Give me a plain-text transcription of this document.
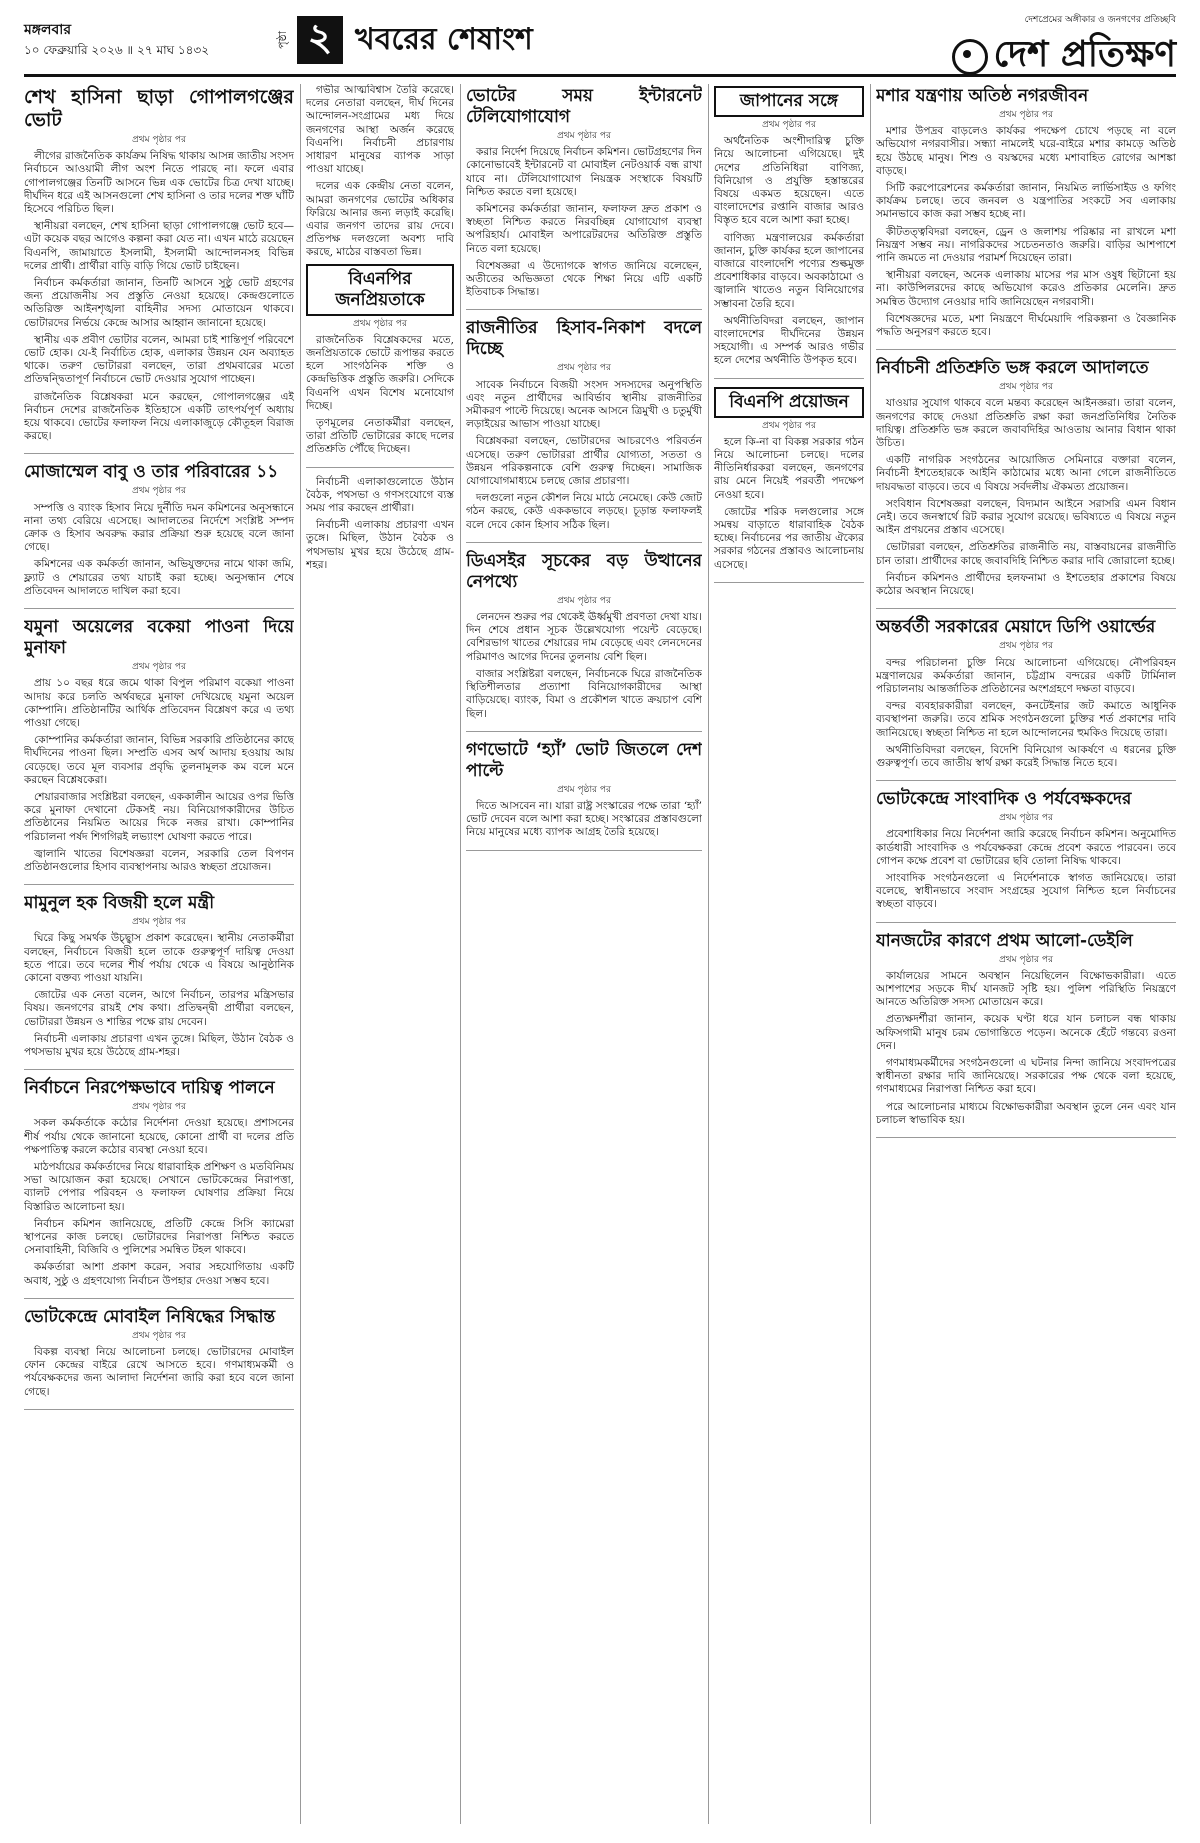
মঙ্গলবার
১০ ফেব্রুয়ারি ২০২৬ ॥ ২৭ মাঘ ১৪৩২
পৃষ্ঠা ২ খবরের শেষাংশ
দেশপ্রেমের অঙ্গীকার ও জনগণের প্রতিচ্ছবি
দেশ প্রতিক্ষণ
শেখ হাসিনা ছাড়া গোপালগঞ্জের ভোট
প্রথম পৃষ্ঠার পর

লীগের রাজনৈতিক কার্যক্রম নিষিদ্ধ থাকায় আসন্ন জাতীয় সংসদ নির্বাচনে আওয়ামী লীগ অংশ নিতে পারছে না। ফলে এবার গোপালগঞ্জের তিনটি আসনে ভিন্ন এক ভোটের চিত্র দেখা যাচ্ছে। দীর্ঘদিন ধরে এই আসনগুলো শেখ হাসিনা ও তার দলের শক্ত ঘাঁটি হিসেবে পরিচিত ছিল।

স্থানীয়রা বলছেন, শেখ হাসিনা ছাড়া গোপালগঞ্জে ভোট হবে—এটা কয়েক বছর আগেও কল্পনা করা যেত না। এখন মাঠে রয়েছেন বিএনপি, জামায়াতে ইসলামী, ইসলামী আন্দোলনসহ বিভিন্ন দলের প্রার্থী। প্রার্থীরা বাড়ি বাড়ি গিয়ে ভোট চাইছেন।

নির্বাচন কর্মকর্তারা জানান, তিনটি আসনে সুষ্ঠু ভোট গ্রহণের জন্য প্রয়োজনীয় সব প্রস্তুতি নেওয়া হয়েছে। কেন্দ্রগুলোতে অতিরিক্ত আইনশৃঙ্খলা বাহিনীর সদস্য মোতায়েন থাকবে। ভোটারদের নির্ভয়ে কেন্দ্রে আসার আহ্বান জানানো হয়েছে।

স্থানীয় এক প্রবীণ ভোটার বলেন, আমরা চাই শান্তিপূর্ণ পরিবেশে ভোট হোক। যে-ই নির্বাচিত হোক, এলাকার উন্নয়ন যেন অব্যাহত থাকে। তরুণ ভোটাররা বলছেন, তারা প্রথমবারের মতো প্রতিদ্বন্দ্বিতাপূর্ণ নির্বাচনে ভোট দেওয়ার সুযোগ পাচ্ছেন।

রাজনৈতিক বিশ্লেষকরা মনে করছেন, গোপালগঞ্জের এই নির্বাচন দেশের রাজনৈতিক ইতিহাসে একটি তাৎপর্যপূর্ণ অধ্যায় হয়ে থাকবে। ভোটের ফলাফল নিয়ে এলাকাজুড়ে কৌতূহল বিরাজ করছে।

মোজাম্মেল বাবু ও তার পরিবারের ১১
প্রথম পৃষ্ঠার পর

সম্পত্তি ও ব্যাংক হিসাব নিয়ে দুর্নীতি দমন কমিশনের অনুসন্ধানে নানা তথ্য বেরিয়ে এসেছে। আদালতের নির্দেশে সংশ্লিষ্ট সম্পদ ক্রোক ও হিসাব অবরুদ্ধ করার প্রক্রিয়া শুরু হয়েছে বলে জানা গেছে।

কমিশনের এক কর্মকর্তা জানান, অভিযুক্তদের নামে থাকা জমি, ফ্ল্যাট ও শেয়ারের তথ্য যাচাই করা হচ্ছে। অনুসন্ধান শেষে প্রতিবেদন আদালতে দাখিল করা হবে।

যমুনা অয়েলের বকেয়া পাওনা দিয়ে মুনাফা
প্রথম পৃষ্ঠার পর

প্রায় ১০ বছর ধরে জমে থাকা বিপুল পরিমাণ বকেয়া পাওনা আদায় করে চলতি অর্থবছরে মুনাফা দেখিয়েছে যমুনা অয়েল কোম্পানি। প্রতিষ্ঠানটির আর্থিক প্রতিবেদন বিশ্লেষণ করে এ তথ্য পাওয়া গেছে।

কোম্পানির কর্মকর্তারা জানান, বিভিন্ন সরকারি প্রতিষ্ঠানের কাছে দীর্ঘদিনের পাওনা ছিল। সম্প্রতি এসব অর্থ আদায় হওয়ায় আয় বেড়েছে। তবে মূল ব্যবসার প্রবৃদ্ধি তুলনামূলক কম বলে মনে করছেন বিশ্লেষকেরা।

শেয়ারবাজার সংশ্লিষ্টরা বলছেন, এককালীন আয়ের ওপর ভিত্তি করে মুনাফা দেখানো টেকসই নয়। বিনিয়োগকারীদের উচিত প্রতিষ্ঠানের নিয়মিত আয়ের দিকে নজর রাখা। কোম্পানির পরিচালনা পর্ষদ শিগগিরই লভ্যাংশ ঘোষণা করতে পারে।

জ্বালানি খাতের বিশেষজ্ঞরা বলেন, সরকারি তেল বিপণন প্রতিষ্ঠানগুলোর হিসাব ব্যবস্থাপনায় আরও স্বচ্ছতা প্রয়োজন।

মামুনুল হক বিজয়ী হলে মন্ত্রী
প্রথম পৃষ্ঠার পর

ঘিরে কিছু সমর্থক উচ্ছ্বাস প্রকাশ করেছেন। স্থানীয় নেতাকর্মীরা বলছেন, নির্বাচনে বিজয়ী হলে তাকে গুরুত্বপূর্ণ দায়িত্ব দেওয়া হতে পারে। তবে দলের শীর্ষ পর্যায় থেকে এ বিষয়ে আনুষ্ঠানিক কোনো বক্তব্য পাওয়া যায়নি।

জোটের এক নেতা বলেন, আগে নির্বাচন, তারপর মন্ত্রিসভার বিষয়। জনগণের রায়ই শেষ কথা। প্রতিদ্বন্দ্বী প্রার্থীরা বলছেন, ভোটাররা উন্নয়ন ও শান্তির পক্ষে রায় দেবেন।

নির্বাচনী এলাকায় প্রচারণা এখন তুঙ্গে। মিছিল, উঠান বৈঠক ও পথসভায় মুখর হয়ে উঠেছে গ্রাম-শহর।

নির্বাচনে নিরপেক্ষভাবে দায়িত্ব পালনে
প্রথম পৃষ্ঠার পর

সকল কর্মকর্তাকে কঠোর নির্দেশনা দেওয়া হয়েছে। প্রশাসনের শীর্ষ পর্যায় থেকে জানানো হয়েছে, কোনো প্রার্থী বা দলের প্রতি পক্ষপাতিত্ব করলে কঠোর ব্যবস্থা নেওয়া হবে।

মাঠপর্যায়ের কর্মকর্তাদের নিয়ে ধারাবাহিক প্রশিক্ষণ ও মতবিনিময় সভা আয়োজন করা হয়েছে। সেখানে ভোটকেন্দ্রের নিরাপত্তা, ব্যালট পেপার পরিবহন ও ফলাফল ঘোষণার প্রক্রিয়া নিয়ে বিস্তারিত আলোচনা হয়।

নির্বাচন কমিশন জানিয়েছে, প্রতিটি কেন্দ্রে সিসি ক্যামেরা স্থাপনের কাজ চলছে। ভোটারদের নিরাপত্তা নিশ্চিত করতে সেনাবাহিনী, বিজিবি ও পুলিশের সমন্বিত টহল থাকবে।

কর্মকর্তারা আশা প্রকাশ করেন, সবার সহযোগিতায় একটি অবাধ, সুষ্ঠু ও গ্রহণযোগ্য নির্বাচন উপহার দেওয়া সম্ভব হবে।

ভোটকেন্দ্রে মোবাইল নিষিদ্ধের সিদ্ধান্ত
প্রথম পৃষ্ঠার পর

বিকল্প ব্যবস্থা নিয়ে আলোচনা চলছে। ভোটারদের মোবাইল ফোন কেন্দ্রের বাইরে রেখে আসতে হবে। গণমাধ্যমকর্মী ও পর্যবেক্ষকদের জন্য আলাদা নির্দেশনা জারি করা হবে বলে জানা গেছে।

গভীর আত্মবিশ্বাস তৈরি করেছে। দলের নেতারা বলছেন, দীর্ঘ দিনের আন্দোলন-সংগ্রামের মধ্য দিয়ে জনগণের আস্থা অর্জন করেছে বিএনপি। নির্বাচনী প্রচারণায় সাধারণ মানুষের ব্যাপক সাড়া পাওয়া যাচ্ছে।

দলের এক কেন্দ্রীয় নেতা বলেন, আমরা জনগণের ভোটের অধিকার ফিরিয়ে আনার জন্য লড়াই করেছি। এবার জনগণ তাদের রায় দেবে। প্রতিপক্ষ দলগুলো অবশ্য দাবি করছে, মাঠের বাস্তবতা ভিন্ন।

বিএনপির জনপ্রিয়তাকে
প্রথম পৃষ্ঠার পর

রাজনৈতিক বিশ্লেষকদের মতে, জনপ্রিয়তাকে ভোটে রূপান্তর করতে হলে সাংগঠনিক শক্তি ও কেন্দ্রভিত্তিক প্রস্তুতি জরুরি। সেদিকে বিএনপি এখন বিশেষ মনোযোগ দিচ্ছে।

তৃণমূলের নেতাকর্মীরা বলছেন, তারা প্রতিটি ভোটারের কাছে দলের প্রতিশ্রুতি পৌঁছে দিচ্ছেন।

নির্বাচনী এলাকাগুলোতে উঠান বৈঠক, পথসভা ও গণসংযোগে ব্যস্ত সময় পার করছেন প্রার্থীরা।

নির্বাচনী এলাকায় প্রচারণা এখন তুঙ্গে। মিছিল, উঠান বৈঠক ও পথসভায় মুখর হয়ে উঠেছে গ্রাম-শহর।

ভোটের সময় ইন্টারনেট টেলিযোগাযোগ
প্রথম পৃষ্ঠার পর

করার নির্দেশ দিয়েছে নির্বাচন কমিশন। ভোটগ্রহণের দিন কোনোভাবেই ইন্টারনেট বা মোবাইল নেটওয়ার্ক বন্ধ রাখা যাবে না। টেলিযোগাযোগ নিয়ন্ত্রক সংস্থাকে বিষয়টি নিশ্চিত করতে বলা হয়েছে।

কমিশনের কর্মকর্তারা জানান, ফলাফল দ্রুত প্রকাশ ও স্বচ্ছতা নিশ্চিত করতে নিরবচ্ছিন্ন যোগাযোগ ব্যবস্থা অপরিহার্য। মোবাইল অপারেটরদের অতিরিক্ত প্রস্তুতি নিতে বলা হয়েছে।

বিশেষজ্ঞরা এ উদ্যোগকে স্বাগত জানিয়ে বলেছেন, অতীতের অভিজ্ঞতা থেকে শিক্ষা নিয়ে এটি একটি ইতিবাচক সিদ্ধান্ত।

রাজনীতির হিসাব-নিকাশ বদলে দিচ্ছে
প্রথম পৃষ্ঠার পর

সাবেক নির্বাচনে বিজয়ী সংসদ সদস্যদের অনুপস্থিতি এবং নতুন প্রার্থীদের আবির্ভাব স্থানীয় রাজনীতির সমীকরণ পাল্টে দিয়েছে। অনেক আসনে ত্রিমুখী ও চতুর্মুখী লড়াইয়ের আভাস পাওয়া যাচ্ছে।

বিশ্লেষকরা বলছেন, ভোটারদের আচরণেও পরিবর্তন এসেছে। তরুণ ভোটাররা প্রার্থীর যোগ্যতা, সততা ও উন্নয়ন পরিকল্পনাকে বেশি গুরুত্ব দিচ্ছেন। সামাজিক যোগাযোগমাধ্যমে চলছে জোর প্রচারণা।

দলগুলো নতুন কৌশল নিয়ে মাঠে নেমেছে। কেউ জোট গঠন করছে, কেউ এককভাবে লড়ছে। চূড়ান্ত ফলাফলই বলে দেবে কোন হিসাব সঠিক ছিল।

ডিএসইর সূচকের বড় উত্থানের নেপথ্যে
প্রথম পৃষ্ঠার পর

লেনদেন শুরুর পর থেকেই ঊর্ধ্বমুখী প্রবণতা দেখা যায়। দিন শেষে প্রধান সূচক উল্লেখযোগ্য পয়েন্ট বেড়েছে। বেশিরভাগ খাতের শেয়ারের দাম বেড়েছে এবং লেনদেনের পরিমাণও আগের দিনের তুলনায় বেশি ছিল।

বাজার সংশ্লিষ্টরা বলছেন, নির্বাচনকে ঘিরে রাজনৈতিক স্থিতিশীলতার প্রত্যাশা বিনিয়োগকারীদের আস্থা বাড়িয়েছে। ব্যাংক, বিমা ও প্রকৌশল খাতে ক্রয়চাপ বেশি ছিল।

গণভোটে ‘হ্যাঁ’ ভোট জিতলে দেশ পাল্টে
প্রথম পৃষ্ঠার পর

দিতে আসবেন না। যারা রাষ্ট্র সংস্কারের পক্ষে তারা ‘হ্যাঁ’ ভোট দেবেন বলে আশা করা হচ্ছে। সংস্কারের প্রস্তাবগুলো নিয়ে মানুষের মধ্যে ব্যাপক আগ্রহ তৈরি হয়েছে।

জাপানের সঙ্গে
প্রথম পৃষ্ঠার পর

অর্থনৈতিক অংশীদারিত্ব চুক্তি নিয়ে আলোচনা এগিয়েছে। দুই দেশের প্রতিনিধিরা বাণিজ্য, বিনিয়োগ ও প্রযুক্তি হস্তান্তরের বিষয়ে একমত হয়েছেন। এতে বাংলাদেশের রপ্তানি বাজার আরও বিস্তৃত হবে বলে আশা করা হচ্ছে।

বাণিজ্য মন্ত্রণালয়ের কর্মকর্তারা জানান, চুক্তি কার্যকর হলে জাপানের বাজারে বাংলাদেশি পণ্যের শুল্কমুক্ত প্রবেশাধিকার বাড়বে। অবকাঠামো ও জ্বালানি খাতেও নতুন বিনিয়োগের সম্ভাবনা তৈরি হবে।

অর্থনীতিবিদরা বলছেন, জাপান বাংলাদেশের দীর্ঘদিনের উন্নয়ন সহযোগী। এ সম্পর্ক আরও গভীর হলে দেশের অর্থনীতি উপকৃত হবে।

বিএনপি প্রয়োজন
প্রথম পৃষ্ঠার পর

হলে কি-না বা বিকল্প সরকার গঠন নিয়ে আলোচনা চলছে। দলের নীতিনির্ধারকরা বলছেন, জনগণের রায় মেনে নিয়েই পরবর্তী পদক্ষেপ নেওয়া হবে।

জোটের শরিক দলগুলোর সঙ্গে সমন্বয় বাড়াতে ধারাবাহিক বৈঠক হচ্ছে। নির্বাচনের পর জাতীয় ঐক্যের সরকার গঠনের প্রস্তাবও আলোচনায় এসেছে।

মশার যন্ত্রণায় অতিষ্ঠ নগরজীবন
প্রথম পৃষ্ঠার পর

মশার উপদ্রব বাড়লেও কার্যকর পদক্ষেপ চোখে পড়ছে না বলে অভিযোগ নগরবাসীর। সন্ধ্যা নামলেই ঘরে-বাইরে মশার কামড়ে অতিষ্ঠ হয়ে উঠছে মানুষ। শিশু ও বয়স্কদের মধ্যে মশাবাহিত রোগের আশঙ্কা বাড়ছে।

সিটি করপোরেশনের কর্মকর্তারা জানান, নিয়মিত লার্ভিসাইড ও ফগিং কার্যক্রম চলছে। তবে জনবল ও যন্ত্রপাতির সংকটে সব এলাকায় সমানভাবে কাজ করা সম্ভব হচ্ছে না।

কীটতত্ত্ববিদরা বলছেন, ড্রেন ও জলাশয় পরিষ্কার না রাখলে মশা নিয়ন্ত্রণ সম্ভব নয়। নাগরিকদের সচেতনতাও জরুরি। বাড়ির আশপাশে পানি জমতে না দেওয়ার পরামর্শ দিয়েছেন তারা।

স্থানীয়রা বলছেন, অনেক এলাকায় মাসের পর মাস ওষুধ ছিটানো হয় না। কাউন্সিলরদের কাছে অভিযোগ করেও প্রতিকার মেলেনি। দ্রুত সমন্বিত উদ্যোগ নেওয়ার দাবি জানিয়েছেন নগরবাসী।

বিশেষজ্ঞদের মতে, মশা নিয়ন্ত্রণে দীর্ঘমেয়াদি পরিকল্পনা ও বৈজ্ঞানিক পদ্ধতি অনুসরণ করতে হবে।

নির্বাচনী প্রতিশ্রুতি ভঙ্গ করলে আদালতে
প্রথম পৃষ্ঠার পর

যাওয়ার সুযোগ থাকবে বলে মন্তব্য করেছেন আইনজ্ঞরা। তারা বলেন, জনগণের কাছে দেওয়া প্রতিশ্রুতি রক্ষা করা জনপ্রতিনিধির নৈতিক দায়িত্ব। প্রতিশ্রুতি ভঙ্গ করলে জবাবদিহির আওতায় আনার বিধান থাকা উচিত।

একটি নাগরিক সংগঠনের আয়োজিত সেমিনারে বক্তারা বলেন, নির্বাচনী ইশতেহারকে আইনি কাঠামোর মধ্যে আনা গেলে রাজনীতিতে দায়বদ্ধতা বাড়বে। তবে এ বিষয়ে সর্বদলীয় ঐকমত্য প্রয়োজন।

সংবিধান বিশেষজ্ঞরা বলছেন, বিদ্যমান আইনে সরাসরি এমন বিধান নেই। তবে জনস্বার্থে রিট করার সুযোগ রয়েছে। ভবিষ্যতে এ বিষয়ে নতুন আইন প্রণয়নের প্রস্তাব এসেছে।

ভোটাররা বলছেন, প্রতিশ্রুতির রাজনীতি নয়, বাস্তবায়নের রাজনীতি চান তারা। প্রার্থীদের কাছে জবাবদিহি নিশ্চিত করার দাবি জোরালো হচ্ছে।

নির্বাচন কমিশনও প্রার্থীদের হলফনামা ও ইশতেহার প্রকাশের বিষয়ে কঠোর অবস্থান নিয়েছে।

অন্তর্বর্তী সরকারের মেয়াদে ডিপি ওয়ার্ল্ডের
প্রথম পৃষ্ঠার পর

বন্দর পরিচালনা চুক্তি নিয়ে আলোচনা এগিয়েছে। নৌপরিবহন মন্ত্রণালয়ের কর্মকর্তারা জানান, চট্টগ্রাম বন্দরের একটি টার্মিনাল পরিচালনায় আন্তর্জাতিক প্রতিষ্ঠানের অংশগ্রহণে দক্ষতা বাড়বে।

বন্দর ব্যবহারকারীরা বলছেন, কনটেইনার জট কমাতে আধুনিক ব্যবস্থাপনা জরুরি। তবে শ্রমিক সংগঠনগুলো চুক্তির শর্ত প্রকাশের দাবি জানিয়েছে। স্বচ্ছতা নিশ্চিত না হলে আন্দোলনের হুমকিও দিয়েছে তারা।

অর্থনীতিবিদরা বলছেন, বিদেশি বিনিয়োগ আকর্ষণে এ ধরনের চুক্তি গুরুত্বপূর্ণ। তবে জাতীয় স্বার্থ রক্ষা করেই সিদ্ধান্ত নিতে হবে।

ভোটকেন্দ্রে সাংবাদিক ও পর্যবেক্ষকদের
প্রথম পৃষ্ঠার পর

প্রবেশাধিকার নিয়ে নির্দেশনা জারি করেছে নির্বাচন কমিশন। অনুমোদিত কার্ডধারী সাংবাদিক ও পর্যবেক্ষকরা কেন্দ্রে প্রবেশ করতে পারবেন। তবে গোপন কক্ষে প্রবেশ বা ভোটারের ছবি তোলা নিষিদ্ধ থাকবে।

সাংবাদিক সংগঠনগুলো এ নির্দেশনাকে স্বাগত জানিয়েছে। তারা বলেছে, স্বাধীনভাবে সংবাদ সংগ্রহের সুযোগ নিশ্চিত হলে নির্বাচনের স্বচ্ছতা বাড়বে।

যানজটের কারণে প্রথম আলো-ডেইলি
প্রথম পৃষ্ঠার পর

কার্যালয়ের সামনে অবস্থান নিয়েছিলেন বিক্ষোভকারীরা। এতে আশপাশের সড়কে দীর্ঘ যানজট সৃষ্টি হয়। পুলিশ পরিস্থিতি নিয়ন্ত্রণে আনতে অতিরিক্ত সদস্য মোতায়েন করে।

প্রত্যক্ষদর্শীরা জানান, কয়েক ঘণ্টা ধরে যান চলাচল বন্ধ থাকায় অফিসগামী মানুষ চরম ভোগান্তিতে পড়েন। অনেকে হেঁটে গন্তব্যে রওনা দেন।

গণমাধ্যমকর্মীদের সংগঠনগুলো এ ঘটনার নিন্দা জানিয়ে সংবাদপত্রের স্বাধীনতা রক্ষার দাবি জানিয়েছে। সরকারের পক্ষ থেকে বলা হয়েছে, গণমাধ্যমের নিরাপত্তা নিশ্চিত করা হবে।

পরে আলোচনার মাধ্যমে বিক্ষোভকারীরা অবস্থান তুলে নেন এবং যান চলাচল স্বাভাবিক হয়।
